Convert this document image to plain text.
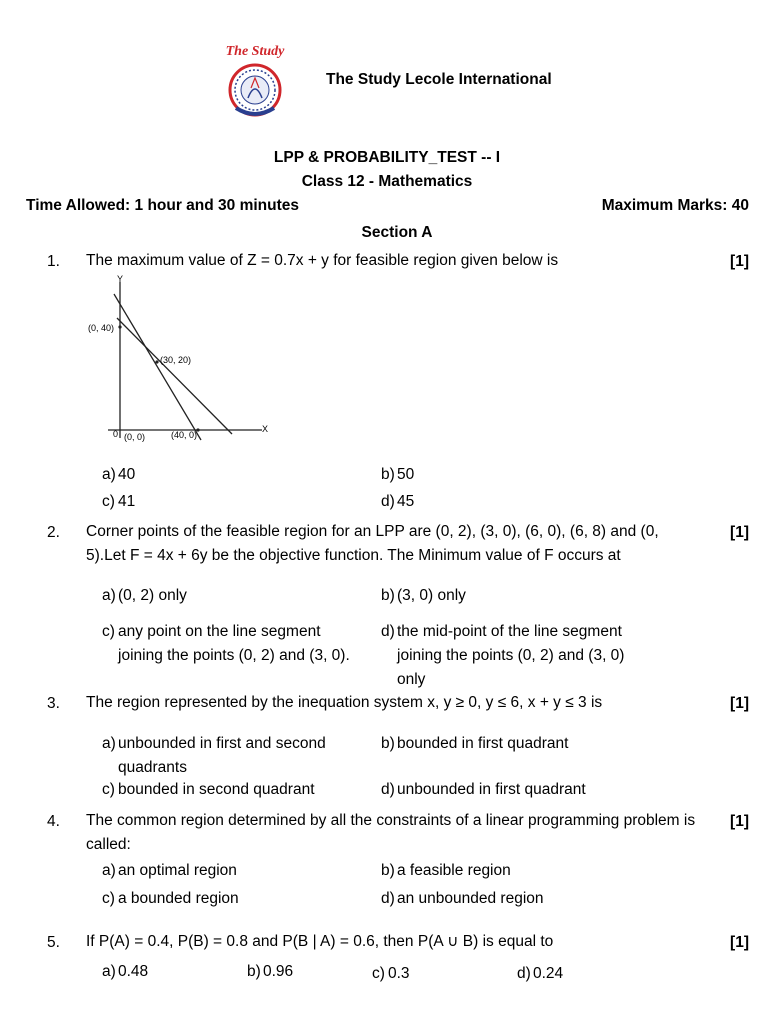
The Study
The Study Lecole International
LPP & PROBABILITY_TEST -- I
Class 12 - Mathematics
Time Allowed: 1 hour and 30 minutes	Maximum Marks: 40
Section A
1. The maximum value of Z = 0.7x + y for feasible region given below is	[1]
Y
X
0
(0, 40)
(30, 20)
(0, 0)	(40, 0)
a) 40	b) 50
c) 41	d) 45
2. Corner points of the feasible region for an LPP are (0, 2), (3, 0), (6, 0), (6, 8) and (0,
5).Let F = 4x + 6y be the objective function. The Minimum value of F occurs at
[1]
a) (0, 2) only	b) (3, 0) only
c) any point on the line segment joining the points (0, 2) and (3, 0).
d) the mid-point of the line segment joining the points (0, 2) and (3, 0) only
3. The region represented by the inequation system x, y ≥ 0, y ≤ 6, x + y ≤ 3 is	[1]
a) unbounded in first and second quadrants
b) bounded in first quadrant
c) bounded in second quadrant	d) unbounded in first quadrant
4. The common region determined by all the constraints of a linear programming problem is
called:
[1]
a) an optimal region	b) a feasible region
c) a bounded region	d) an unbounded region
5. If P(A) = 0.4, P(B) = 0.8 and P(B | A) = 0.6, then P(A ∪ B) is equal to	[1]
a) 0.48	b) 0.96	c) 0.3	d) 0.24
